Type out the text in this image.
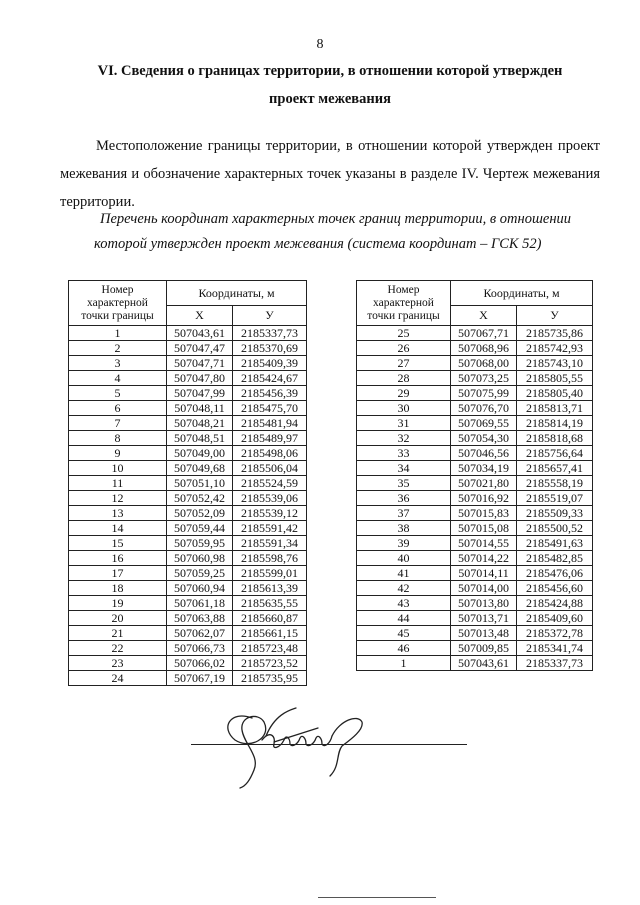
8
VI. Сведения о границах территории, в отношении которой утвержден
проект межевания
Местоположение границы территории, в отношении которой утвержден проект межевания и обозначение характерных точек указаны в разделе IV. Чертеж межевания территории.
Перечень координат характерных точек границ территории, в отношении
которой утвержден проект межевания (система координат – ГСК 52)
Номер характерной точки границы	Координаты, м	
	X	У
1	507043,61	2185337,73
2	507047,47	2185370,69
3	507047,71	2185409,39
4	507047,80	2185424,67
5	507047,99	2185456,39
6	507048,11	2185475,70
7	507048,21	2185481,94
8	507048,51	2185489,97
9	507049,00	2185498,06
10	507049,68	2185506,04
11	507051,10	2185524,59
12	507052,42	2185539,06
13	507052,09	2185539,12
14	507059,44	2185591,42
15	507059,95	2185591,34
16	507060,98	2185598,76
17	507059,25	2185599,01
18	507060,94	2185613,39
19	507061,18	2185635,55
20	507063,88	2185660,87
21	507062,07	2185661,15
22	507066,73	2185723,48
23	507066,02	2185723,52
24	507067,19	2185735,95
Номер характерной точки границы	Координаты, м	
	X	У
25	507067,71	2185735,86
26	507068,96	2185742,93
27	507068,00	2185743,10
28	507073,25	2185805,55
29	507075,99	2185805,40
30	507076,70	2185813,71
31	507069,55	2185814,19
32	507054,30	2185818,68
33	507046,56	2185756,64
34	507034,19	2185657,41
35	507021,80	2185558,19
36	507016,92	2185519,07
37	507015,83	2185509,33
38	507015,08	2185500,52
39	507014,55	2185491,63
40	507014,22	2185482,85
41	507014,11	2185476,06
42	507014,00	2185456,60
43	507013,80	2185424,88
44	507013,71	2185409,60
45	507013,48	2185372,78
46	507009,85	2185341,74
1	507043,61	2185337,73
